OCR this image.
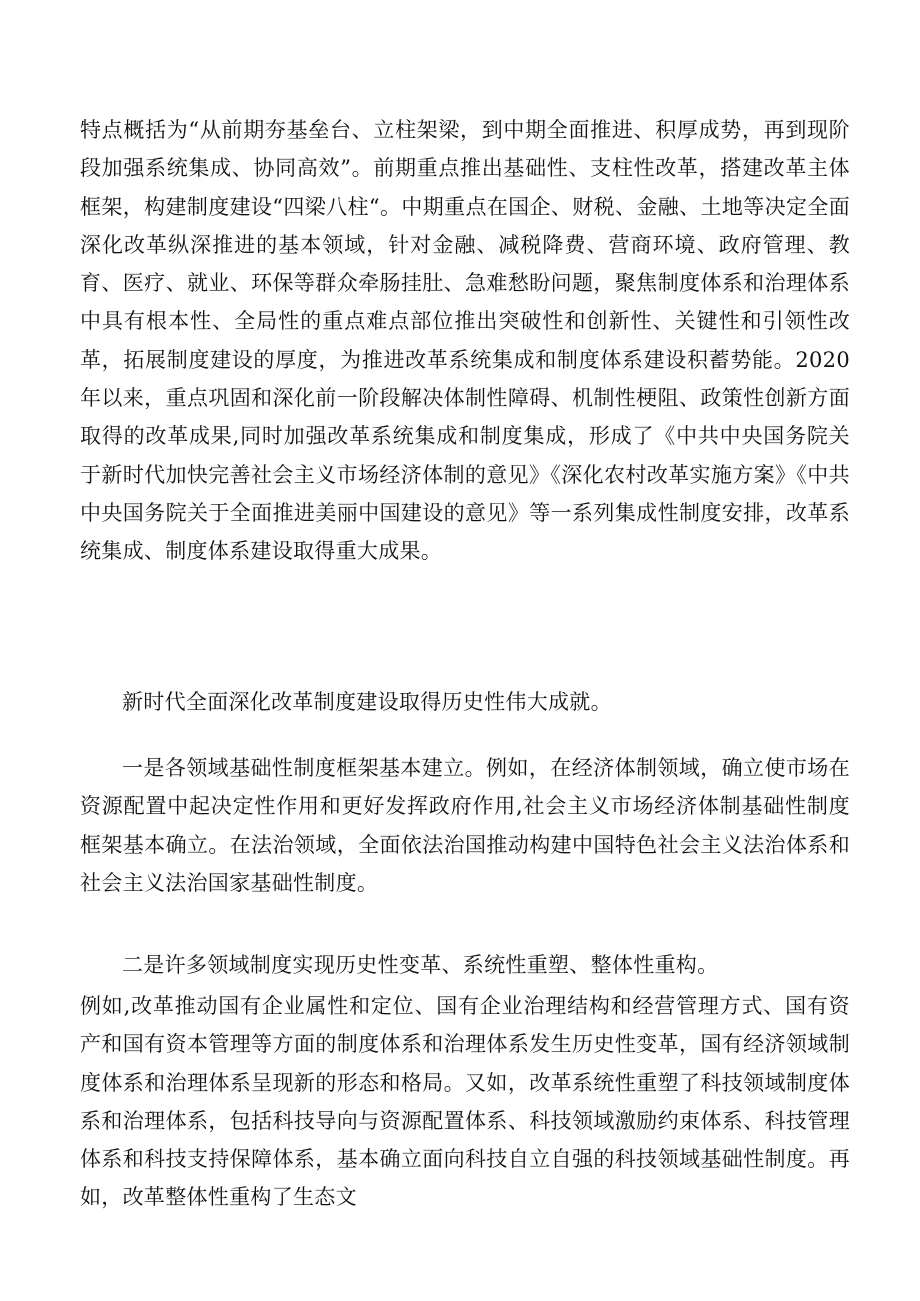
特点概括为“从前期夯基垒台、立柱架梁，到中期全面推进、积厚成势，再到现阶段加强系统集成、协同高效”。前期重点推出基础性、支柱性改革，搭建改革主体框架，构建制度建设“四梁八柱“。中期重点在国企、财税、金融、土地等决定全面深化改革纵深推进的基本领域，针对金融、减税降费、营商环境、政府管理、教育、医疗、就业、环保等群众牵肠挂肚、急难愁盼问题，聚焦制度体系和治理体系中具有根本性、全局性的重点难点部位推出突破性和创新性、关键性和引领性改革，拓展制度建设的厚度，为推进改革系统集成和制度体系建设积蓄势能。2020年以来，重点巩固和深化前一阶段解决体制性障碍、机制性梗阻、政策性创新方面取得的改革成果,同时加强改革系统集成和制度集成，形成了《中共中央国务院关于新时代加快完善社会主义市场经济体制的意见》《深化农村改革实施方案》《中共中央国务院关于全面推进美丽中国建设的意见》等一系列集成性制度安排，改革系统集成、制度体系建设取得重大成果。

新时代全面深化改革制度建设取得历史性伟大成就。

一是各领域基础性制度框架基本建立。例如，在经济体制领域，确立使市场在资源配置中起决定性作用和更好发挥政府作用,社会主义市场经济体制基础性制度框架基本确立。在法治领域，全面依法治国推动构建中国特色社会主义法治体系和社会主义法治国家基础性制度。

二是许多领域制度实现历史性变革、系统性重塑、整体性重构。

例如,改革推动国有企业属性和定位、国有企业治理结构和经营管理方式、国有资产和国有资本管理等方面的制度体系和治理体系发生历史性变革，国有经济领域制度体系和治理体系呈现新的形态和格局。又如，改革系统性重塑了科技领域制度体系和治理体系，包括科技导向与资源配置体系、科技领域激励约束体系、科技管理体系和科技支持保障体系，基本确立面向科技自立自强的科技领域基础性制度。再如，改革整体性重构了生态文
